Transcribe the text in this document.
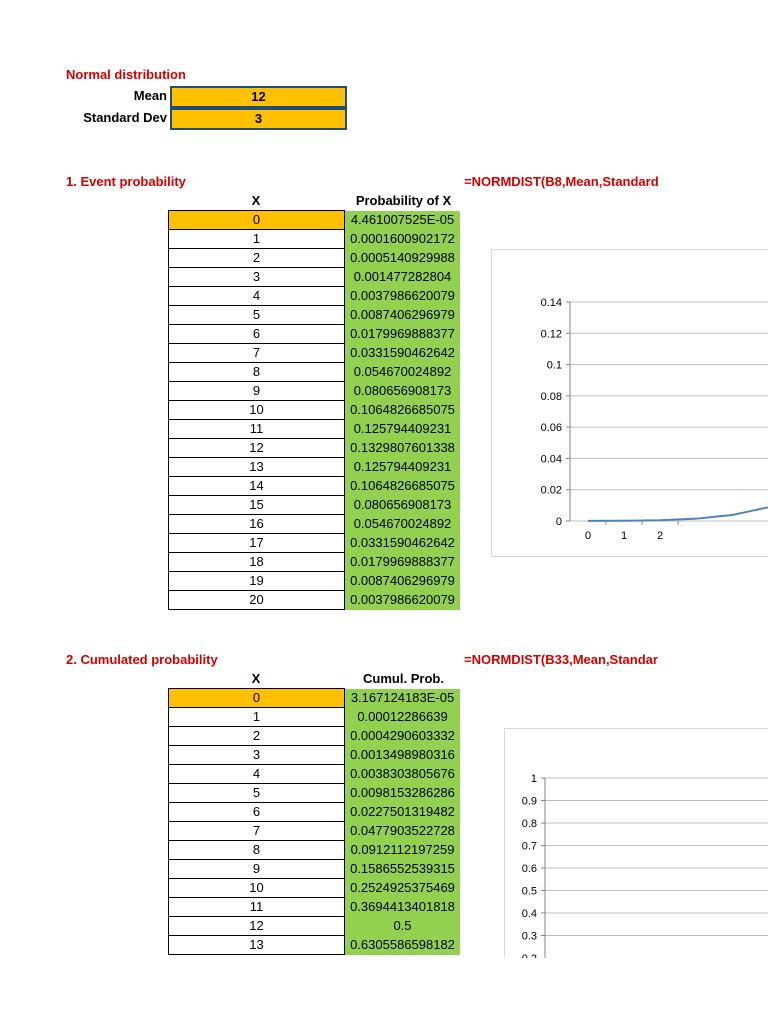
Normal distribution
Mean	12
Standard Dev	3
1. Event probability	=NORMDIST(B8,Mean,Standard
X	Probability of X
0	4.461007525E-05
1	0.0001600902172
2	0.0005140929988
3	0.001477282804
4	0.0037986620079
5	0.0087406296979
6	0.0179969888377
7	0.0331590462642
8	0.054670024892
9	0.080656908173
10	0.1064826685075
11	0.125794409231
12	0.1329807601338
13	0.125794409231
14	0.1064826685075
15	0.080656908173
16	0.054670024892
17	0.0331590462642
18	0.0179969888377
19	0.0087406296979
20	0.0037986620079
0
0.02
0.04
0.06
0.08
0.1
0.12
0.14
0	1	2
2. Cumulated probability	=NORMDIST(B33,Mean,Standar
X	Cumul. Prob.
0	3.167124183E-05
1	0.00012286639
2	0.0004290603332
3	0.0013498980316
4	0.0038303805676
5	0.0098153286286
6	0.0227501319482
7	0.0477903522728
8	0.0912112197259
9	0.1586552539315
10	0.2524925375469
11	0.3694413401818
12	0.5
13	0.6305586598182
1
0.9
0.8
0.7
0.6
0.5
0.4
0.3
